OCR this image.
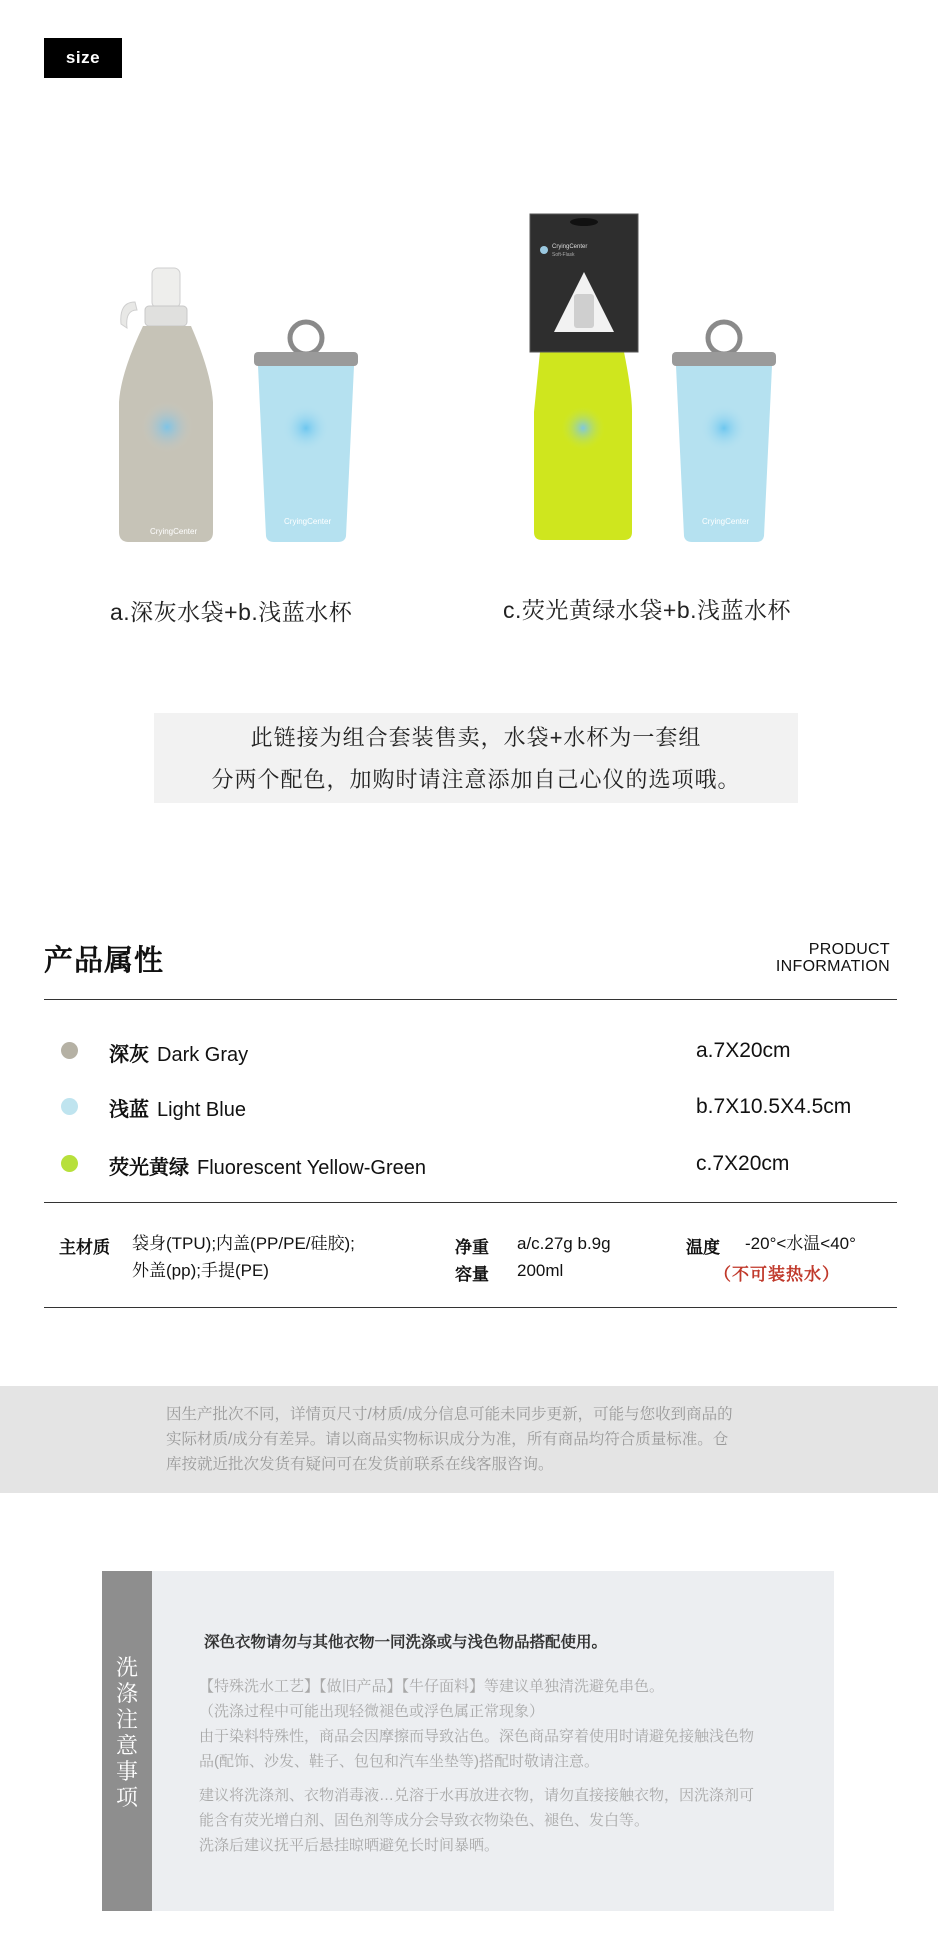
size
CryingCenter
CryingCenter
CryingCenter
Soft-Flask
CryingCenter
a.深灰水袋+b.浅蓝水杯	c.荧光黄绿水袋+b.浅蓝水杯
此链接为组合套装售卖，水袋+水杯为一套组
分两个配色，加购时请注意添加自己心仪的选项哦。
产品属性	PRODUCT
INFORMATION
深灰 Dark Gray	a.7X20cm
浅蓝 Light Blue	b.7X10.5X4.5cm
荧光黄绿 Fluorescent Yellow-Green	c.7X20cm
主材质 袋身(TPU);内盖(PP/PE/硅胶);
外盖(pp);手提(PE)
净重 a/c.27g b.9g
容量 200ml
温度 -20°<水温<40°
（不可装热水）
因生产批次不同，详情页尺寸/材质/成分信息可能未同步更新，可能与您收到商品的
实际材质/成分有差异。请以商品实物标识成分为准，所有商品均符合质量标准。仓
库按就近批次发货有疑问可在发货前联系在线客服咨询。
洗
涤
注
意
事
项
深色衣物请勿与其他衣物一同洗涤或与浅色物品搭配使用。
【特殊洗水工艺】【做旧产品】【牛仔面料】等建议单独清洗避免串色。
（洗涤过程中可能出现轻微褪色或浮色属正常现象）
由于染料特殊性，商品会因摩擦而导致沾色。深色商品穿着使用时请避免接触浅色物
品(配饰、沙发、鞋子、包包和汽车坐垫等)搭配时敬请注意。
建议将洗涤剂、衣物消毒液…兑溶于水再放进衣物，请勿直接接触衣物，因洗涤剂可
能含有荧光增白剂、固色剂等成分会导致衣物染色、褪色、发白等。
洗涤后建议抚平后悬挂晾晒避免长时间暴晒。
